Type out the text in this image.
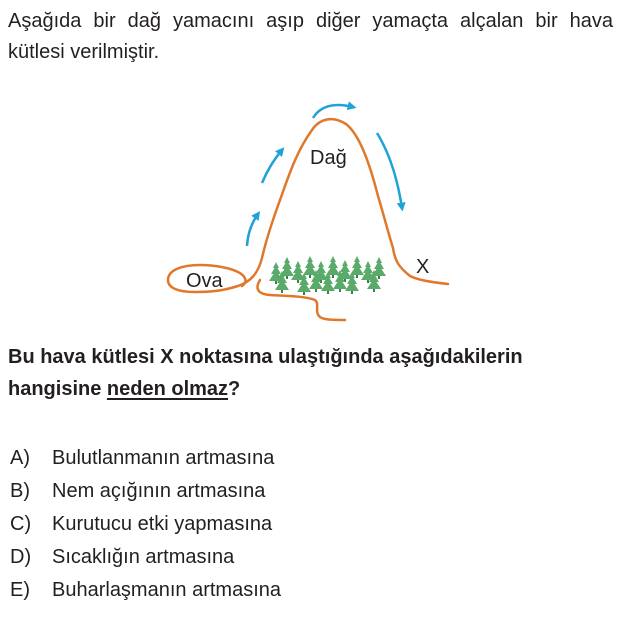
Aşağıda bir dağ yamacını aşıp diğer yamaçta alçalan bir hava kütlesi verilmiştir.
Dağ
Ova
X
Bu hava kütlesi X noktasına ulaştığında aşağıdakilerin hangisine neden olmaz?
A) Bulutlanmanın artmasına
B) Nem açığının artmasına
C) Kurutucu etki yapmasına
D) Sıcaklığın artmasına
E) Buharlaşmanın artmasına
